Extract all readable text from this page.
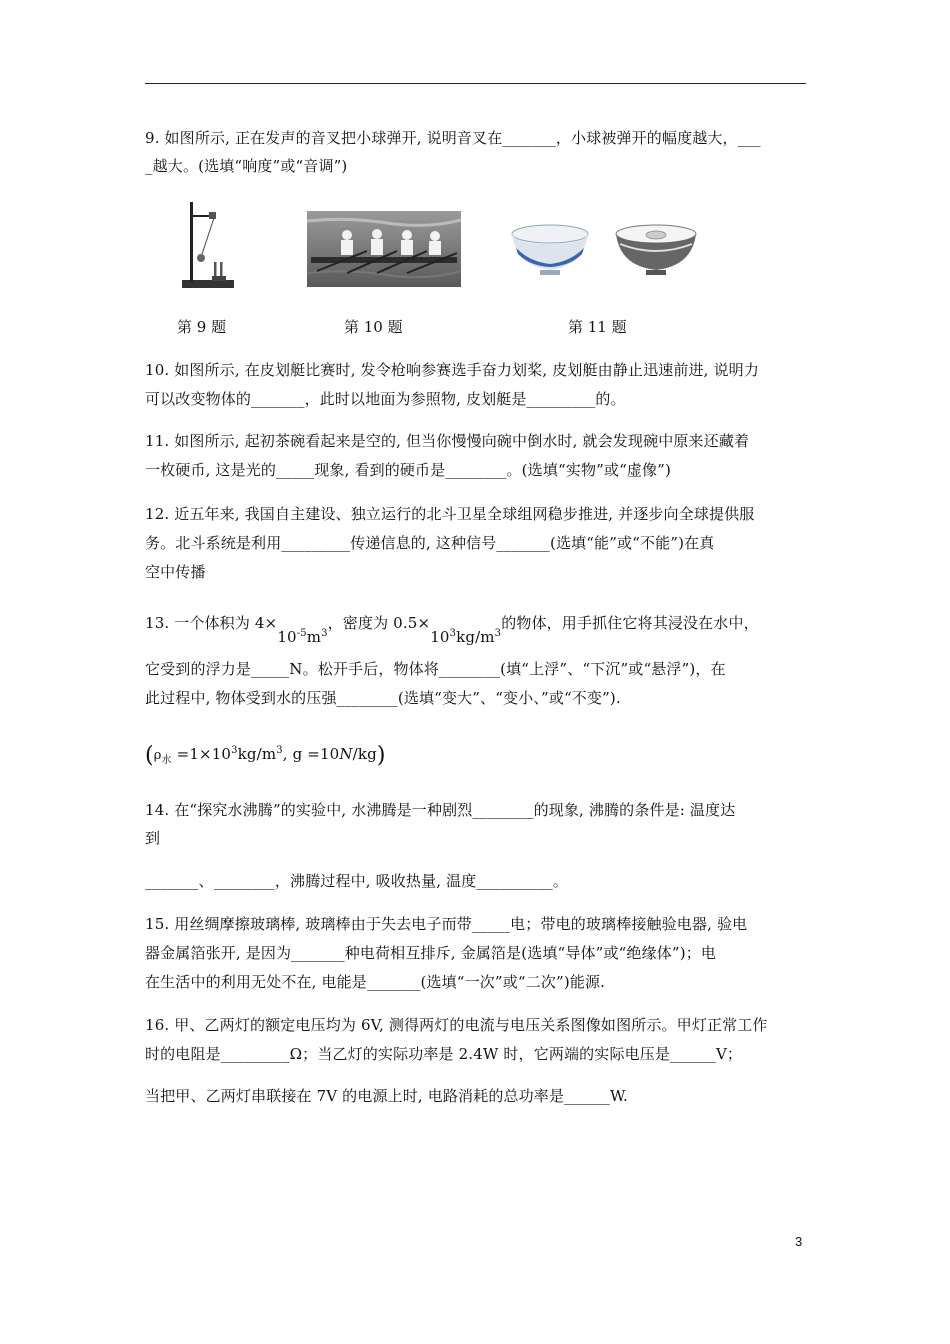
9. 如图所示, 正在发声的音叉把小球弹开, 说明音叉在_______，小球被弹开的幅度越大，___
_越大。(选填“响度”或“音调”)
第 9 题	第 10 题	第 11 题
10. 如图所示, 在皮划艇比赛时, 发令枪响参赛选手奋力划桨, 皮划艇由静止迅速前进, 说明力
可以改变物体的_______，此时以地面为参照物, 皮划艇是_________的。
11. 如图所示, 起初茶碗看起来是空的, 但当你慢慢向碗中倒水时, 就会发现碗中原来还藏着
一枚硬币, 这是光的_____现象, 看到的硬币是________。(选填“实物”或“虚像”)
12. 近五年来, 我国自主建设、独立运行的北斗卫星全球组网稳步推进, 并逐步向全球提供服
务。北斗系统是利用_________传递信息的, 这种信号_______(选填“能”或“不能”)在真
空中传播
13. 一个体积为 $4\times 10^{-5}m^3$，密度为 $0.5\times 10^3kg/m^3$的物体，用手抓住它将其浸没在水中，
它受到的浮力是_____N。松开手后，物体将________(填“上浮”、“下沉”或“悬浮”)，在
此过程中, 物体受到水的压强________(选填“变大”、“变小、”或“不变”).
($\rho_水 =1\times 10^3kg/m^3$, g =10N/kg)
14. 在“探究水沸腾”的实验中, 水沸腾是一种剧烈________的现象, 沸腾的条件是: 温度达
到
_______、________，沸腾过程中, 吸收热量, 温度__________。
15. 用丝绸摩擦玻璃棒, 玻璃棒由于失去电子而带_____电；带电的玻璃棒接触验电器, 验电
器金属箔张开, 是因为_______种电荷相互排斥, 金属箔是(选填“导体”或“绝缘体”)；电
在生活中的利用无处不在, 电能是_______(选填“一次”或“二次”)能源.
16. 甲、乙两灯的额定电压均为 6V, 测得两灯的电流与电压关系图像如图所示。甲灯正常工作
时的电阻是_________Ω；当乙灯的实际功率是 2.4W 时，它两端的实际电压是______V；
当把甲、乙两灯串联接在 7V 的电源上时, 电路消耗的总功率是______W.
3
